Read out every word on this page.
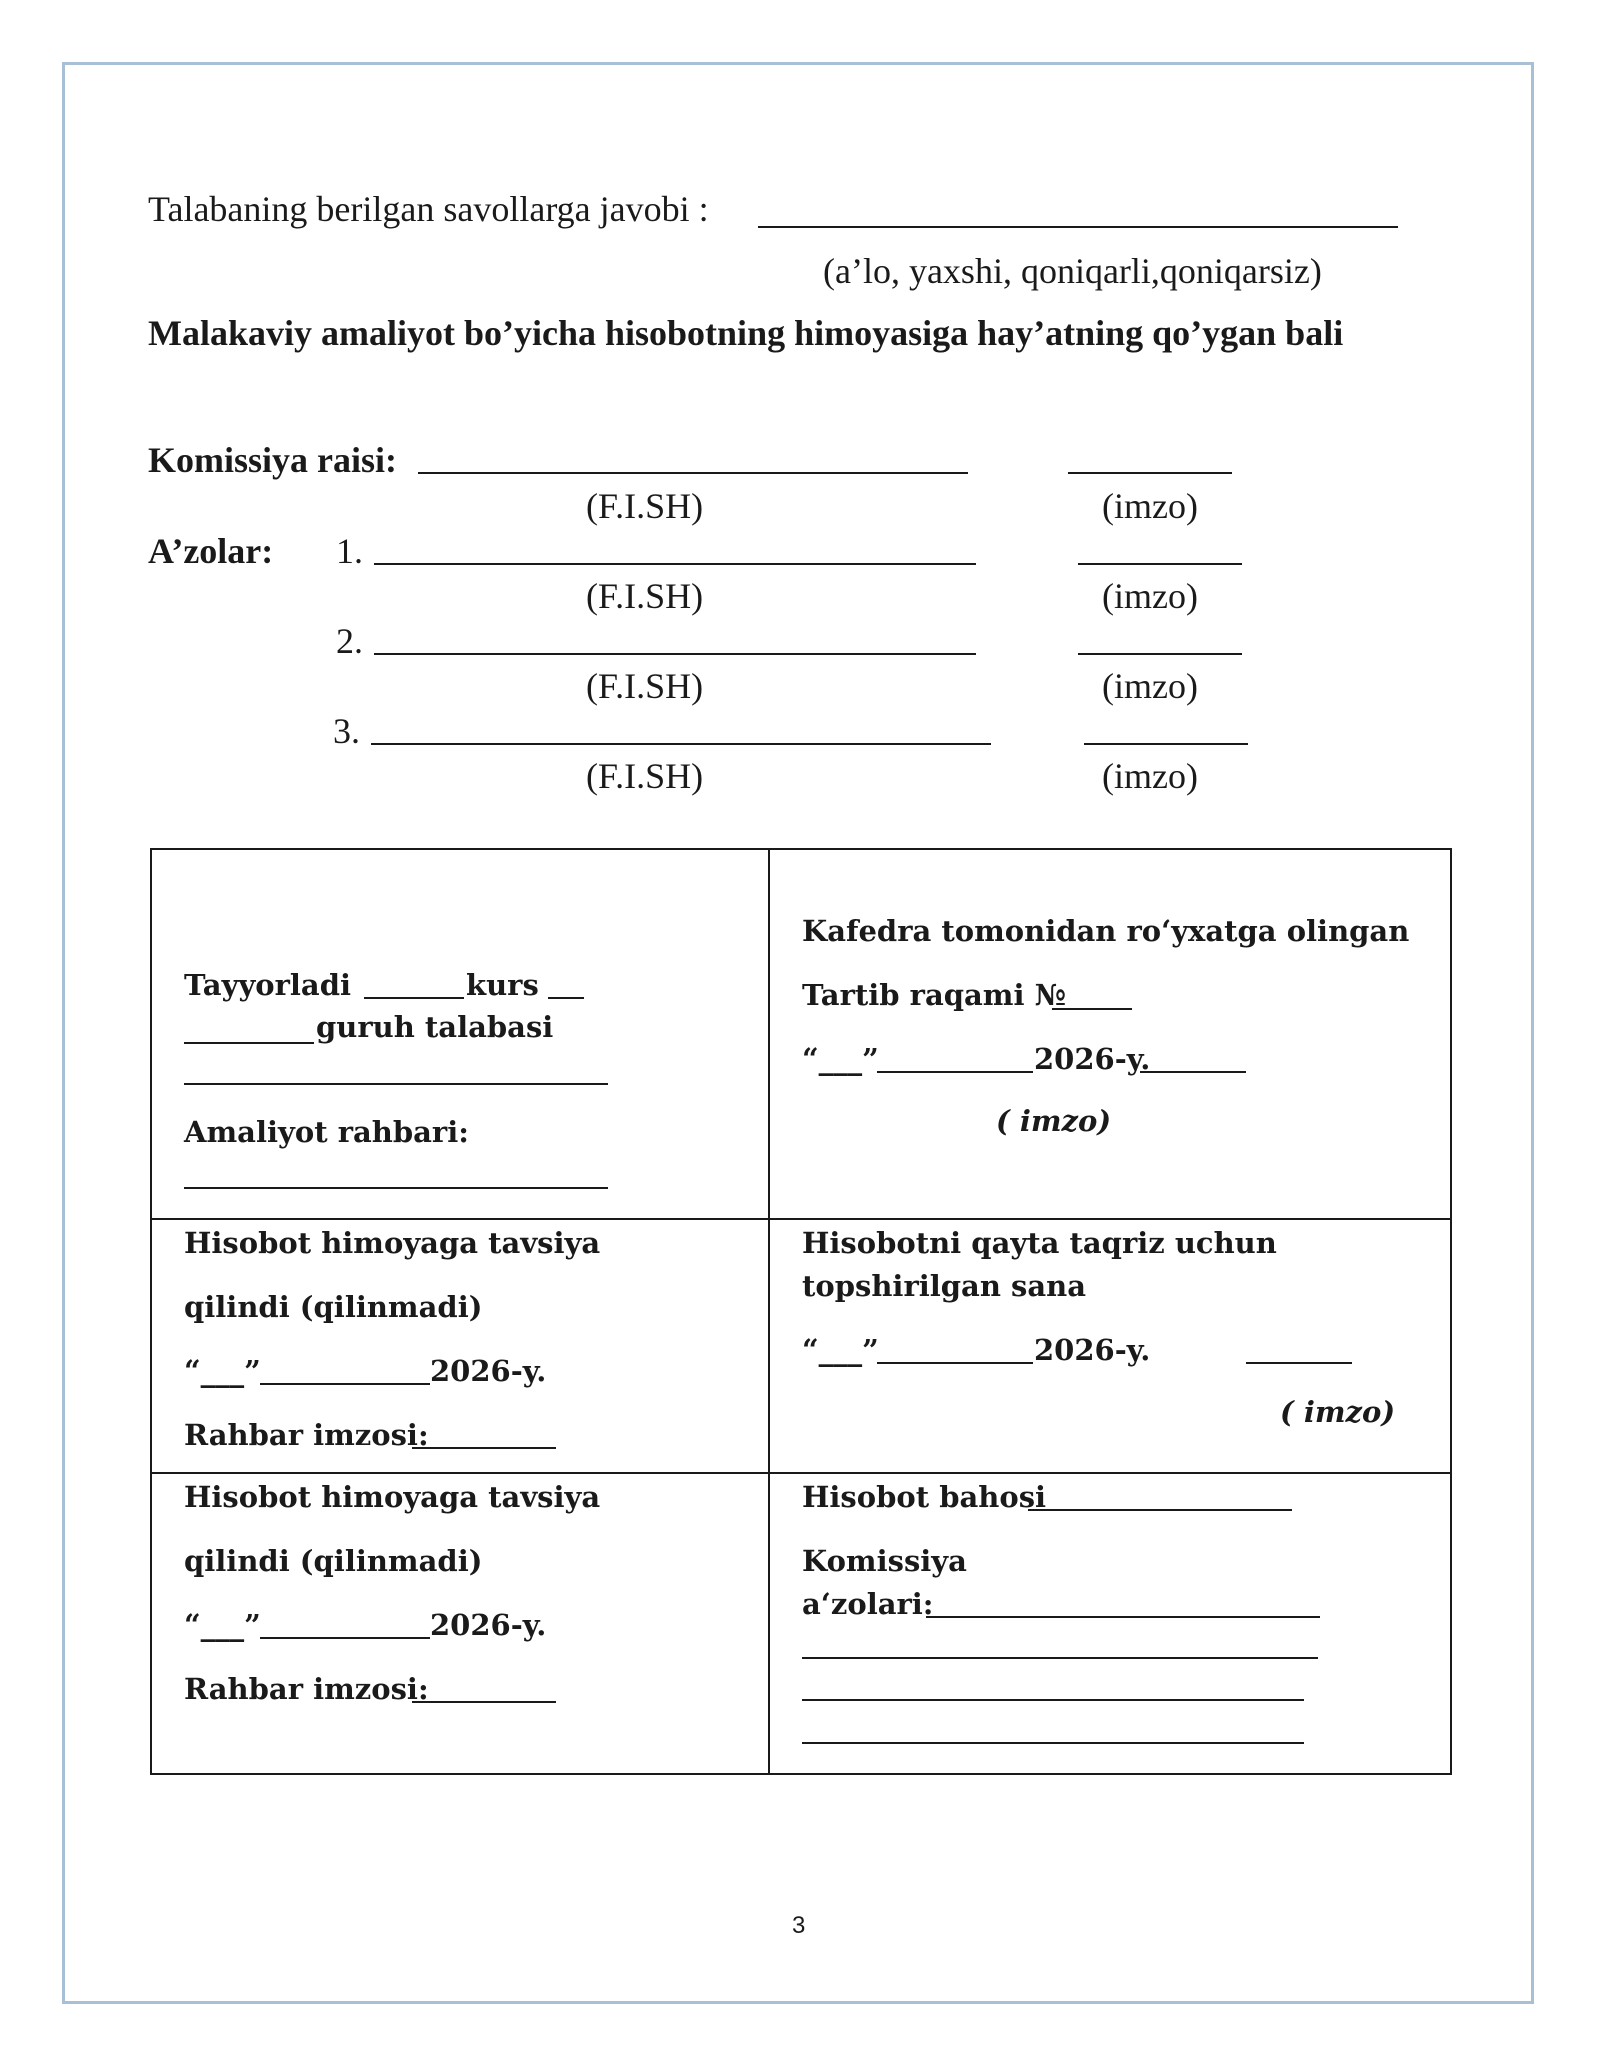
Talabaning berilgan savollarga javobi :
(a’lo, yaxshi, qoniqarli,qoniqarsiz)
Malakaviy amaliyot bo’yicha hisobotning himoyasiga hay’atning qo’ygan bali
Komissiya raisi:
(F.I.SH)	(imzo)
A’zolar: 1.
(F.I.SH)	(imzo)
2.
(F.I.SH)	(imzo)
3.
(F.I.SH)	(imzo)
Tayyorladi	kurs
guruh talabasi
Amaliyot rahbari:
Kafedra tomonidan ro‘yxatga olingan
Tartib raqami №
“___”	2026-y.
( imzo)
Hisobot himoyaga tavsiya
qilindi (qilinmadi)
“___”	2026-y.
Rahbar imzosi:
Hisobotni qayta taqriz uchun
topshirilgan sana
“___”	2026-y.
( imzo)
Hisobot himoyaga tavsiya
qilindi (qilinmadi)
“___”	2026-y.
Rahbar imzosi:
Hisobot bahosi
Komissiya
a‘zolari:
3
